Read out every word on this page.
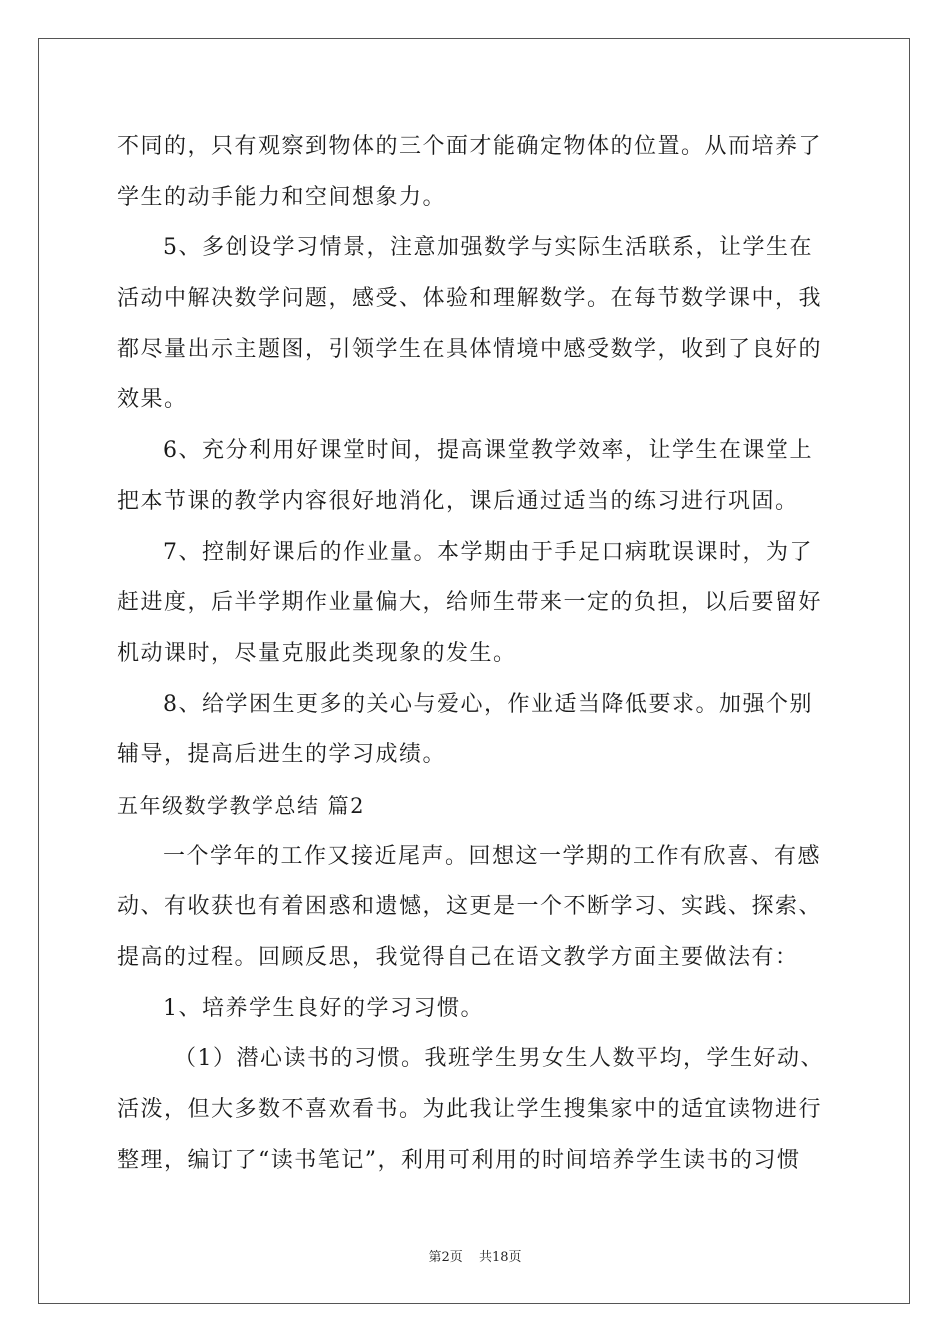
不同的，只有观察到物体的三个面才能确定物体的位置。从而培养了
学生的动手能力和空间想象力。
5、多创设学习情景，注意加强数学与实际生活联系，让学生在
活动中解决数学问题，感受、体验和理解数学。在每节数学课中，我
都尽量出示主题图，引领学生在具体情境中感受数学，收到了良好的
效果。
6、充分利用好课堂时间，提高课堂教学效率，让学生在课堂上
把本节课的教学内容很好地消化，课后通过适当的练习进行巩固。
7、控制好课后的作业量。本学期由于手足口病耽误课时，为了
赶进度，后半学期作业量偏大，给师生带来一定的负担，以后要留好
机动课时，尽量克服此类现象的发生。
8、给学困生更多的关心与爱心，作业适当降低要求。加强个别
辅导，提高后进生的学习成绩。
五年级数学教学总结 篇2
一个学年的工作又接近尾声。回想这一学期的工作有欣喜、有感
动、有收获也有着困惑和遗憾，这更是一个不断学习、实践、探索、
提高的过程。回顾反思，我觉得自己在语文教学方面主要做法有：
1、培养学生良好的学习习惯。
（1）潜心读书的习惯。我班学生男女生人数平均，学生好动、
活泼，但大多数不喜欢看书。为此我让学生搜集家中的适宜读物进行
整理，编订了“读书笔记”，利用可利用的时间培养学生读书的习惯
第2页 共18页
